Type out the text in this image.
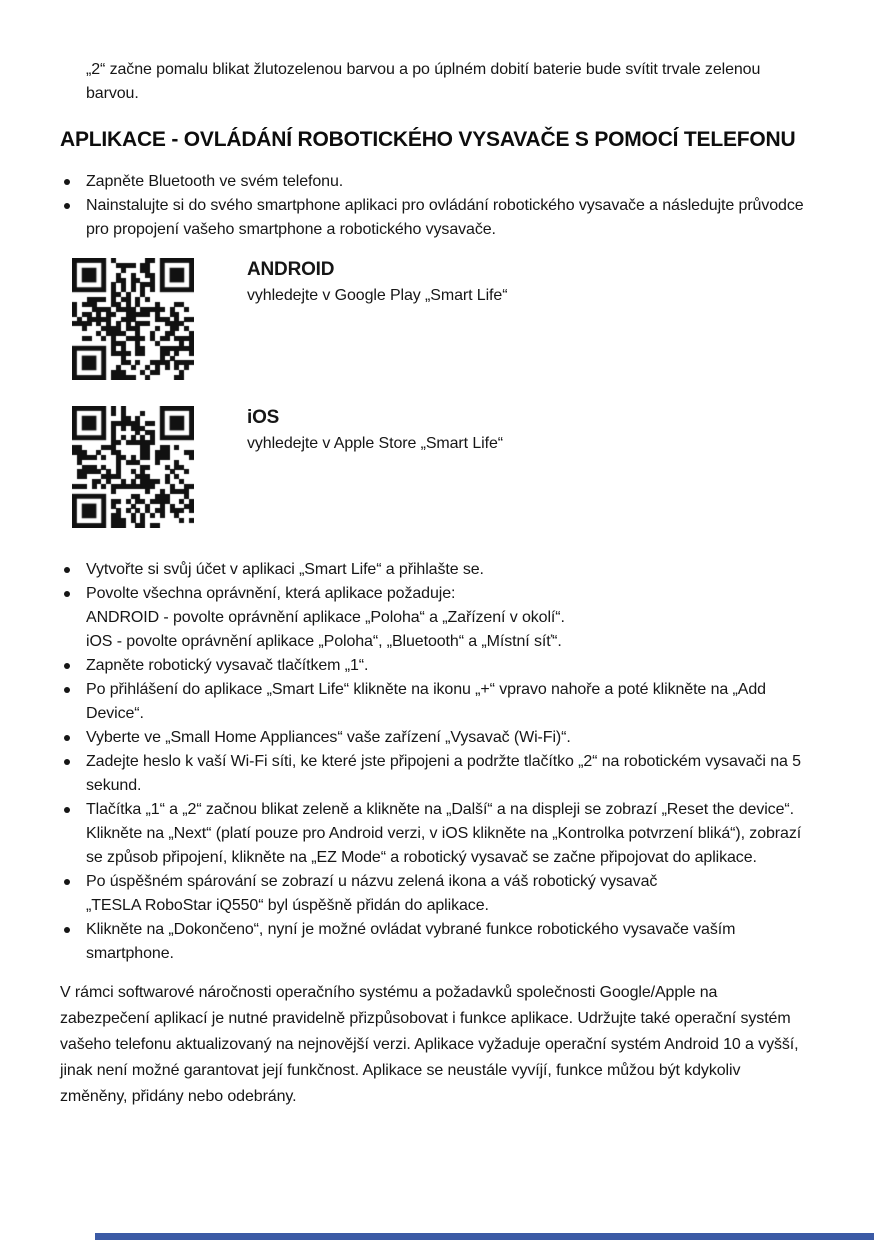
„2“ začne pomalu blikat žlutozelenou barvou a po úplném dobití baterie bude svítit trvale zelenou barvou.

APLIKACE - OVLÁDÁNÍ ROBOTICKÉHO VYSAVAČE S POMOCÍ TELEFONU
Zapněte Bluetooth ve svém telefonu.
Nainstalujte si do svého smartphone aplikaci pro ovládání robotického vysavače a následujte průvodce pro propojení vašeho smartphone a robotického vysavače.
ANDROID
vyhledejte v Google Play „Smart Life“
iOS
vyhledejte v Apple Store „Smart Life“
Vytvořte si svůj účet v aplikaci „Smart Life“ a přihlašte se.
Povolte všechna oprávnění, která aplikace požaduje:
ANDROID - povolte oprávnění aplikace „Poloha“ a „Zařízení v okolí“.
iOS - povolte oprávnění aplikace „Poloha“, „Bluetooth“ a „Místní síť“.
Zapněte robotický vysavač tlačítkem „1“.
Po přihlášení do aplikace „Smart Life“ klikněte na ikonu „+“ vpravo nahoře a poté klikněte na „Add Device“.
Vyberte ve „Small Home Appliances“ vaše zařízení „Vysavač (Wi-Fi)“.
Zadejte heslo k vaší Wi-Fi síti, ke které jste připojeni a podržte tlačítko „2“ na robotickém vysavači na 5 sekund.
Tlačítka „1“ a „2“ začnou blikat zeleně a klikněte na „Další“ a na displeji se zobrazí „Reset the device“. Klikněte na „Next“ (platí pouze pro Android verzi, v iOS klikněte na „Kontrolka potvrzení bliká“), zobrazí se způsob připojení, klikněte na „EZ Mode“ a robotický vysavač se začne připojovat do aplikace.
Po úspěšném spárování se zobrazí u názvu zelená ikona a váš robotický vysavač
„TESLA RoboStar iQ550“ byl úspěšně přidán do aplikace.
Klikněte na „Dokončeno“, nyní je možné ovládat vybrané funkce robotického vysavače vaším smartphone.

V rámci softwarové náročnosti operačního systému a požadavků společnosti Google/Apple na zabezpečení aplikací je nutné pravidelně přizpůsobovat i funkce aplikace. Udržujte také operační systém vašeho telefonu aktualizovaný na nejnovější verzi. Aplikace vyžaduje operační systém Android 10 a vyšší, jinak není možné garantovat její funkčnost. Aplikace se neustále vyvíjí, funkce můžou být kdykoliv změněny, přidány nebo odebrány.
